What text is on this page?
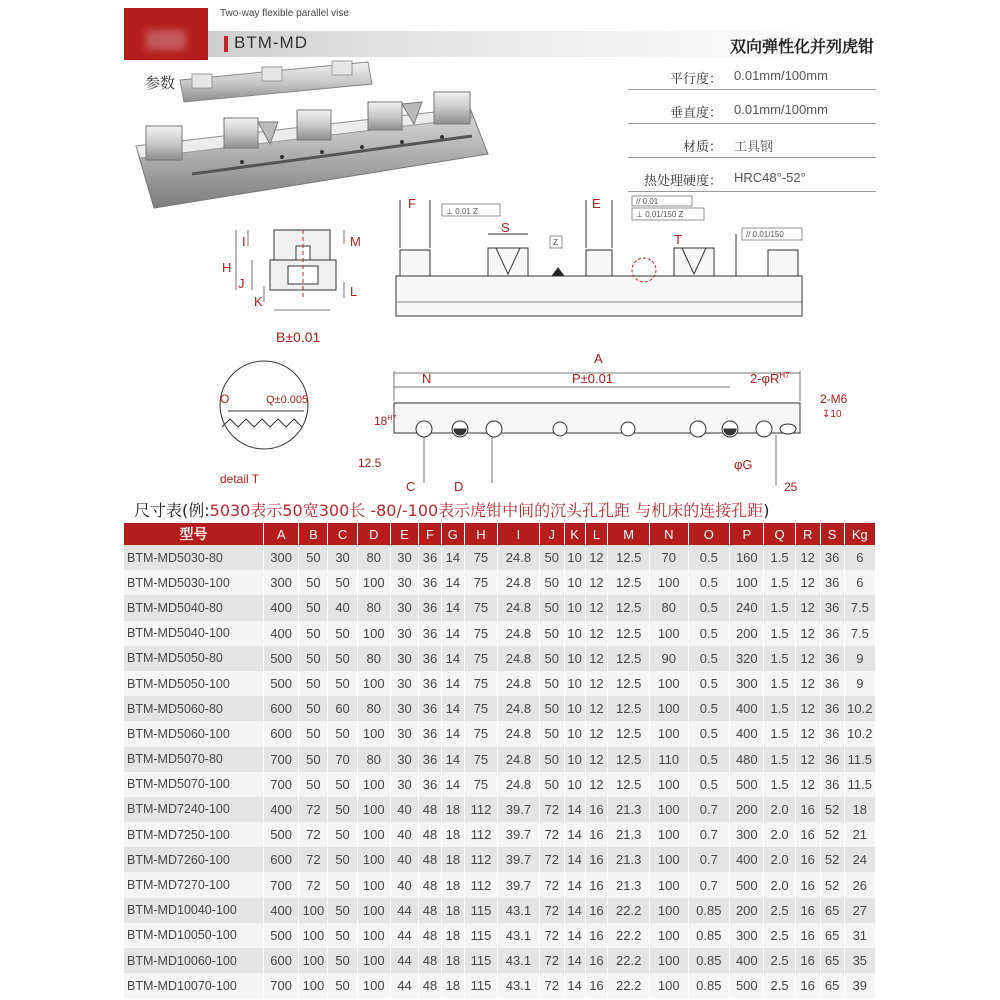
Two-way flexible parallel vise
BTM-MD	双向弹性化并列虎钳
参数	平行度： 0.01mm/100mm
垂直度： 0.01mm/100mm
材质： 工具钢
热处理硬度： HRC48°-52°
I
H
J
K
M
L
B±0.01
F	E
S
T
⊥ 0.01 Z
// 0.01
⊥ 0.01/150 Z
// 0.01/150
Z
O	Q±0.005
detail T
A
N	P±0.01	$2-\varphi R^{H7}$
2-M6
↧10
$18^{H7}$
12.5
C	D
φG
25
尺寸表(例:5030表示50宽300长 -80/-100表示虎钳中间的沉头孔孔距 与机床的连接孔距)
型号	A	B	C	D	E	F	G	H	I	J	K	L	M	N	O	P	Q	R	S	Kg
BTM-MD5030-80	300	50	30	80	30	36	14	75	24.8	50	10	12	12.5	70	0.5	160	1.5	12	36	6
BTM-MD5030-100	300	50	50	100	30	36	14	75	24.8	50	10	12	12.5	100	0.5	100	1.5	12	36	6
BTM-MD5040-80	400	50	40	80	30	36	14	75	24.8	50	10	12	12.5	80	0.5	240	1.5	12	36	7.5
BTM-MD5040-100	400	50	50	100	30	36	14	75	24.8	50	10	12	12.5	100	0.5	200	1.5	12	36	7.5
BTM-MD5050-80	500	50	50	80	30	36	14	75	24.8	50	10	12	12.5	90	0.5	320	1.5	12	36	9
BTM-MD5050-100	500	50	50	100	30	36	14	75	24.8	50	10	12	12.5	100	0.5	300	1.5	12	36	9
BTM-MD5060-80	600	50	60	80	30	36	14	75	24.8	50	10	12	12.5	100	0.5	400	1.5	12	36	10.2
BTM-MD5060-100	600	50	50	100	30	36	14	75	24.8	50	10	12	12.5	100	0.5	400	1.5	12	36	10.2
BTM-MD5070-80	700	50	70	80	30	36	14	75	24.8	50	10	12	12.5	110	0.5	480	1.5	12	36	11.5
BTM-MD5070-100	700	50	50	100	30	36	14	75	24.8	50	10	12	12.5	100	0.5	500	1.5	12	36	11.5
BTM-MD7240-100	400	72	50	100	40	48	18	112	39.7	72	14	16	21.3	100	0.7	200	2.0	16	52	18
BTM-MD7250-100	500	72	50	100	40	48	18	112	39.7	72	14	16	21.3	100	0.7	300	2.0	16	52	21
BTM-MD7260-100	600	72	50	100	40	48	18	112	39.7	72	14	16	21.3	100	0.7	400	2.0	16	52	24
BTM-MD7270-100	700	72	50	100	40	48	18	112	39.7	72	14	16	21.3	100	0.7	500	2.0	16	52	26
BTM-MD10040-100	400	100	50	100	44	48	18	115	43.1	72	14	16	22.2	100	0.85	200	2.5	16	65	27
BTM-MD10050-100	500	100	50	100	44	48	18	115	43.1	72	14	16	22.2	100	0.85	300	2.5	16	65	31
BTM-MD10060-100	600	100	50	100	44	48	18	115	43.1	72	14	16	22.2	100	0.85	400	2.5	16	65	35
BTM-MD10070-100	700	100	50	100	44	48	18	115	43.1	72	14	16	22.2	100	0.85	500	2.5	16	65	39
